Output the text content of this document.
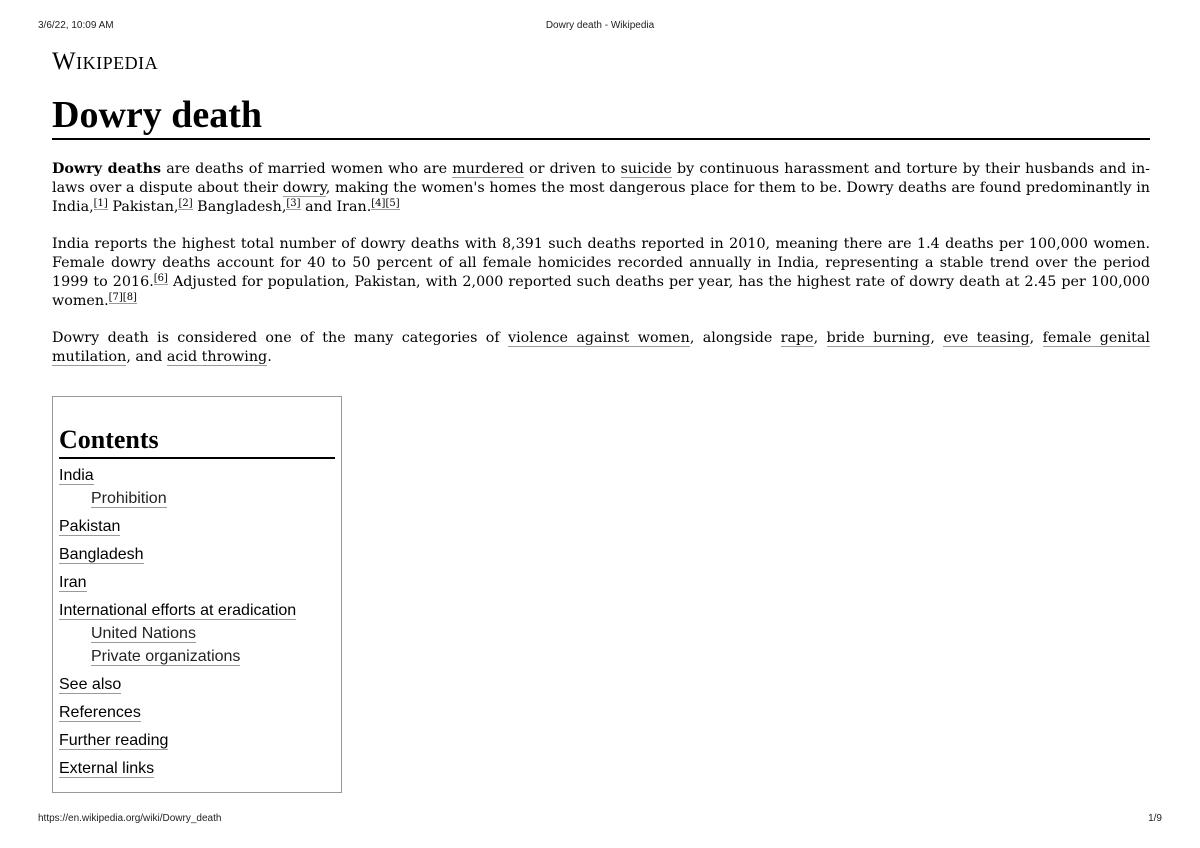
3/6/22, 10:09 AM	Dowry death - Wikipedia
Wikipedia
Dowry death

Dowry deaths are deaths of married women who are murdered or driven to suicide by continuous harassment and torture by their husbands and in-laws over a dispute about their dowry, making the women's homes the most dangerous place for them to be. Dowry deaths are found predominantly in India,[1] Pakistan,[2] Bangladesh,[3] and Iran.[4][5]

India reports the highest total number of dowry deaths with 8,391 such deaths reported in 2010, meaning there are 1.4 deaths per 100,000 women. Female dowry deaths account for 40 to 50 percent of all female homicides recorded annually in India, representing a stable trend over the period 1999 to 2016.[6] Adjusted for population, Pakistan, with 2,000 reported such deaths per year, has the highest rate of dowry death at 2.45 per 100,000 women.[7][8]

Dowry death is considered one of the many categories of violence against women, alongside rape, bride burning, eve teasing, female genital mutilation, and acid throwing.

Contents
India
Prohibition
Pakistan
Bangladesh
Iran
International efforts at eradication
United Nations
Private organizations
See also
References
Further reading
External links
https://en.wikipedia.org/wiki/Dowry_death	1/9
